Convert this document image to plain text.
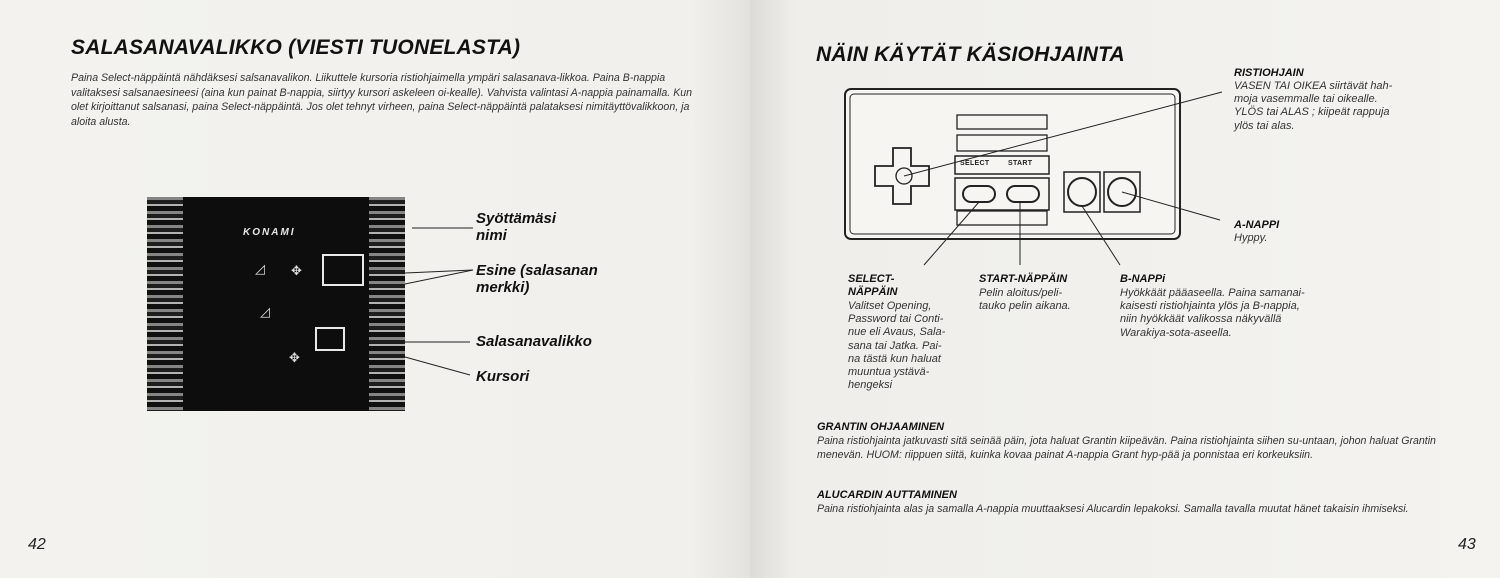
SALASANAVALIKKO (VIESTI TUONELASTA)

Paina Select-näppäintä nähdäksesi salsanavalikon. Liikuttele kursoria ristiohjaimella ympäri salasanava-likkoa. Paina B-nappia valitaksesi salsanaesineesi (aina kun painat B-nappia, siirtyy kursori askeleen oi-kealle). Vahvista valintasi A-nappia painamalla. Kun olet kirjoittanut salsanasi, paina Select-näppäintä. Jos olet tehnyt virheen, paina Select-näppäintä palataksesi nimitäyttövalikkoon, ja aloita alusta.

KONAMI
◿ ✥
◿
✥
Syöttämäsi
nimi
Esine (salasanan
merkki)
Salasanavalikko
Kursori
42
NÄIN KÄYTÄT KÄSIOHJAINTA
SELECT	START
RISTIOHJAIN
VASEN TAI OIKEA siirtävät hah-
moja vasemmalle tai oikealle.
YLÖS tai ALAS ; kiipeät rappuja
ylös tai alas.
A-NAPPI
Hyppy.
SELECT-
NÄPPÄIN
Valitset Opening,
Password tai Conti-
nue eli Avaus, Sala-
sana tai Jatka. Pai-
na tästä kun haluat
muuntua ystävä-
hengeksi
START-NÄPPÄIN
Pelin aloitus/peli-
tauko pelin aikana.
B-NAPPi
Hyökkäät pääaseella. Paina samanai-
kaisesti ristiohjainta ylös ja B-nappia,
niin hyökkäät valikossa näkyvällä
Warakiya-sota-aseella.
GRANTIN OHJAAMINEN
Paina ristiohjainta jatkuvasti sitä seinää päin, jota haluat Grantin kiipeävän. Paina ristiohjainta siihen su-untaan, johon haluat Grantin menevän. HUOM: riippuen siitä, kuinka kovaa painat A-nappia Grant hyp-pää ja ponnistaa eri korkeuksiin.
ALUCARDIN AUTTAMINEN
Paina ristiohjainta alas ja samalla A-nappia muuttaaksesi Alucardin lepakoksi. Samalla tavalla muutat hänet takaisin ihmiseksi.
43
